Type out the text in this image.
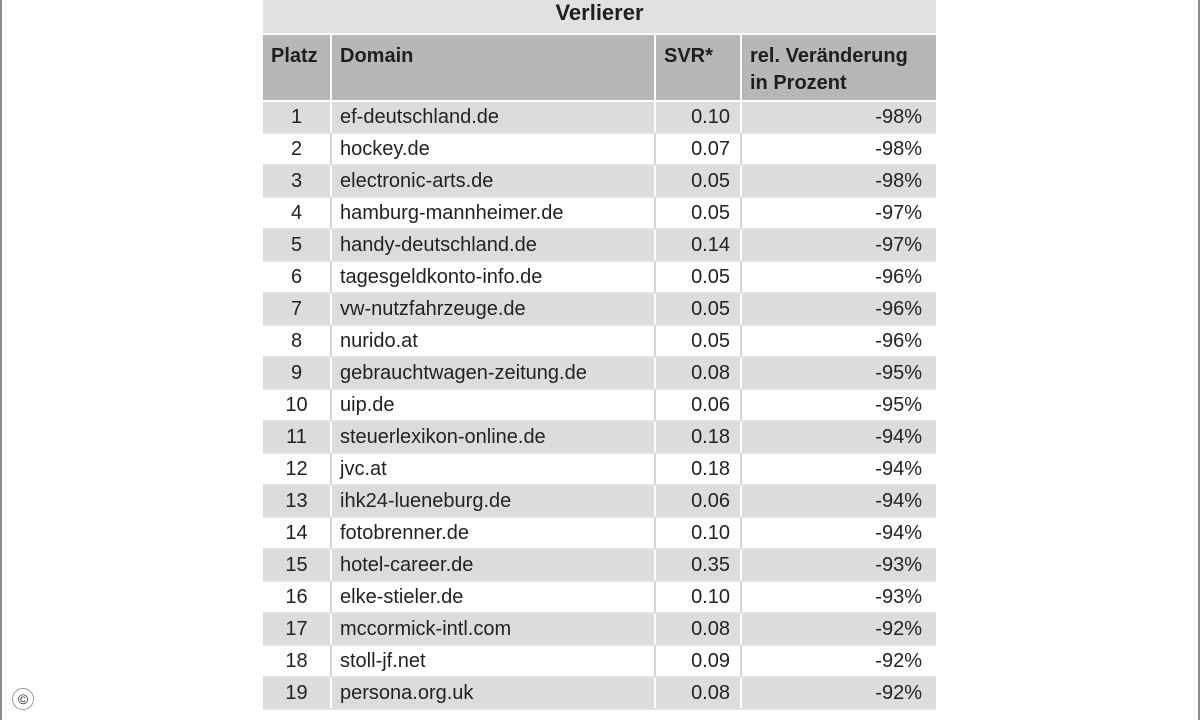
Verlierer
Platz	Domain	SVR*	rel. Veränderung
in Prozent
1	ef-deutschland.de	0.10	-98%
2	hockey.de	0.07	-98%
3	electronic-arts.de	0.05	-98%
4	hamburg-mannheimer.de	0.05	-97%
5	handy-deutschland.de	0.14	-97%
6	tagesgeldkonto-info.de	0.05	-96%
7	vw-nutzfahrzeuge.de	0.05	-96%
8	nurido.at	0.05	-96%
9	gebrauchtwagen-zeitung.de	0.08	-95%
10	uip.de	0.06	-95%
11	steuerlexikon-online.de	0.18	-94%
12	jvc.at	0.18	-94%
13	ihk24-lueneburg.de	0.06	-94%
14	fotobrenner.de	0.10	-94%
15	hotel-career.de	0.35	-93%
16	elke-stieler.de	0.10	-93%
17	mccormick-intl.com	0.08	-92%
18	stoll-jf.net	0.09	-92%
19	persona.org.uk	0.08	-92%
©
